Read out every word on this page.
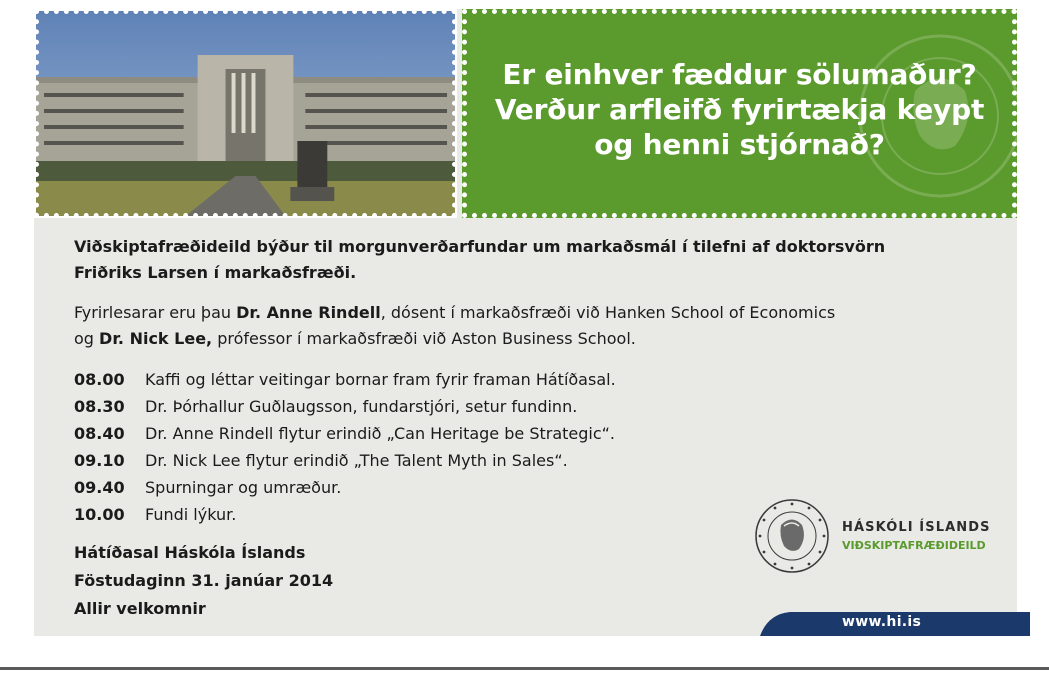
Er einhver fæddur sölumaður?
Verður arfleifð fyrirtækja keypt
og henni stjórnað?
Viðskiptafræðideild býður til morgunverðarfundar um markaðsmál í tilefni af doktorsvörn
Friðriks Larsen í markaðsfræði.
Fyrirlesarar eru þau Dr. Anne Rindell, dósent í markaðsfræði við Hanken School of Economics
og Dr. Nick Lee, prófessor í markaðsfræði við Aston Business School.
08.00	Kaffi og léttar veitingar bornar fram fyrir framan Hátíðasal.
08.30	Dr. Þórhallur Guðlaugsson, fundarstjóri, setur fundinn.
08.40	Dr. Anne Rindell flytur erindið „Can Heritage be Strategic“.
09.10	Dr. Nick Lee flytur erindið „The Talent Myth in Sales“.
09.40	Spurningar og umræður.
10.00	Fundi lýkur.
Hátíðasal Háskóla Íslands
Föstudaginn 31. janúar 2014
Allir velkomnir
HÁSKÓLI ÍSLANDS
VIÐSKIPTAFRÆÐIDEILD
www.hi.is
